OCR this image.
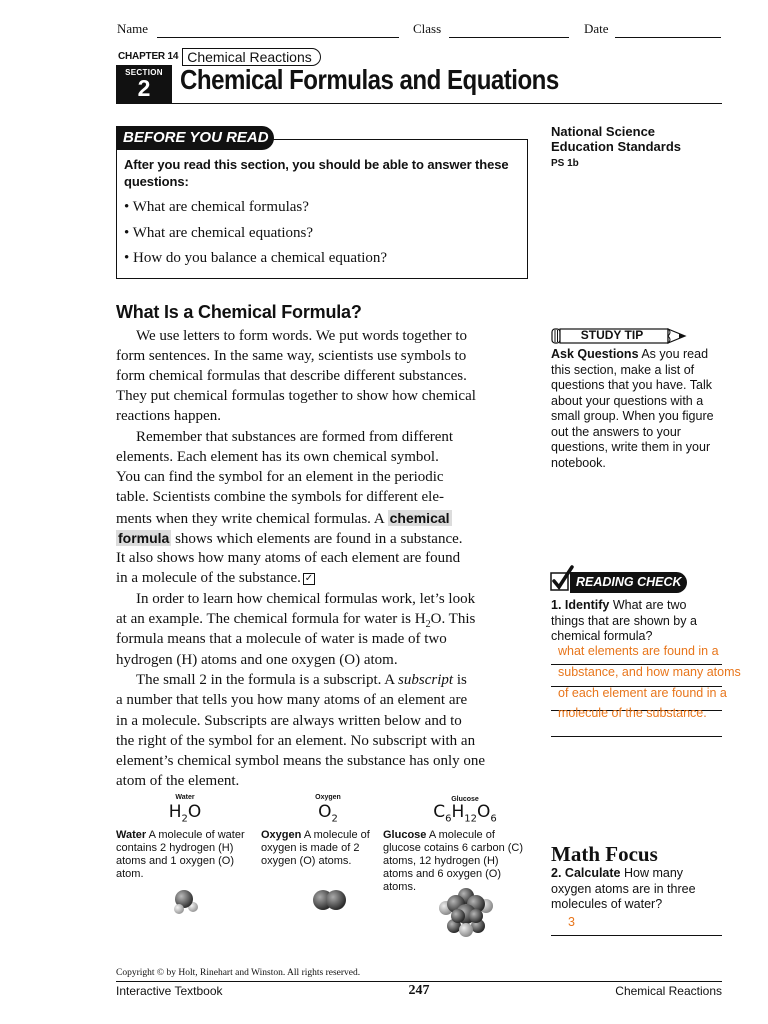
Name	Class	Date
CHAPTER 14 Chemical Reactions
SECTION
2	Chemical Formulas and Equations
BEFORE YOU READ
After you read this section, you should be able to answer these questions:
• What are chemical formulas?
• What are chemical equations?
• How do you balance a chemical equation?
National Science
Education Standards
PS 1b
What Is a Chemical Formula?
We use letters to form words. We put words together to
form sentences. In the same way, scientists use symbols to
form chemical formulas that describe different substances.
They put chemical formulas together to show how chemical
reactions happen.
Remember that substances are formed from different
elements. Each element has its own chemical symbol.
You can find the symbol for an element in the periodic
table. Scientists combine the symbols for different ele-
ments when they write chemical formulas. A chemical
formula shows which elements are found in a substance.
It also shows how many atoms of each element are found
in a molecule of the substance. ✓
In order to learn how chemical formulas work, let’s look
at an example. The chemical formula for water is $H_2O$. This
formula means that a molecule of water is made of two
hydrogen (H) atoms and one oxygen (O) atom.
The small 2 in the formula is a subscript. A subscript is
a number that tells you how many atoms of an element are
in a molecule. Subscripts are always written below and to
the right of the symbol for an element. No subscript with an
element’s chemical symbol means the substance has only one
atom of the element.
Water
$H_2O$
Water A molecule of water contains 2 hydrogen (H) atoms and 1 oxygen (O) atom.
Oxygen
$O_2$
Oxygen A molecule of oxygen is made of 2 oxygen (O) atoms.
Glucose
$C_6H_{12}O_6$
Glucose A molecule of glucose cotains 6 carbon (C) atoms, 12 hydrogen (H) atoms and 6 oxygen (O) atoms.
STUDY TIP
Ask Questions As you read this section, make a list of questions that you have. Talk about your questions with a small group. When you figure out the answers to your questions, write them in your notebook.
READING CHECK
1. Identify What are two things that are shown by a chemical formula?
what elements are found in a
substance, and how many atoms
of each element are found in a
molecule of the substance.
Math Focus
2. Calculate How many oxygen atoms are in three molecules of water?
3
Copyright © by Holt, Rinehart and Winston. All rights reserved.
Interactive Textbook	247	Chemical Reactions
